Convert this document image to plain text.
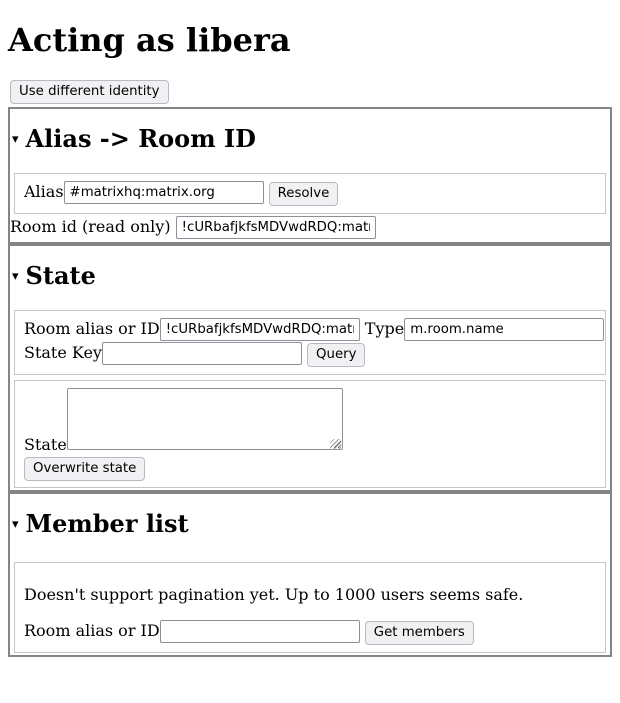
Acting as libera
Use different identity
▾ Alias -> Room ID
Alias#matrixhq:matrix.org	Resolve
Room id (read only) !cURbafjkfsMDVwdRDQ:matrix.
▾ State
Room alias or ID!cURbafjkfsMDVwdRDQ:matrix.	Typem.room.name
State Key	Query
State
Overwrite state
▾ Member list

Doesn't support pagination yet. Up to 1000 users seems safe.

Room alias or ID	Get members
